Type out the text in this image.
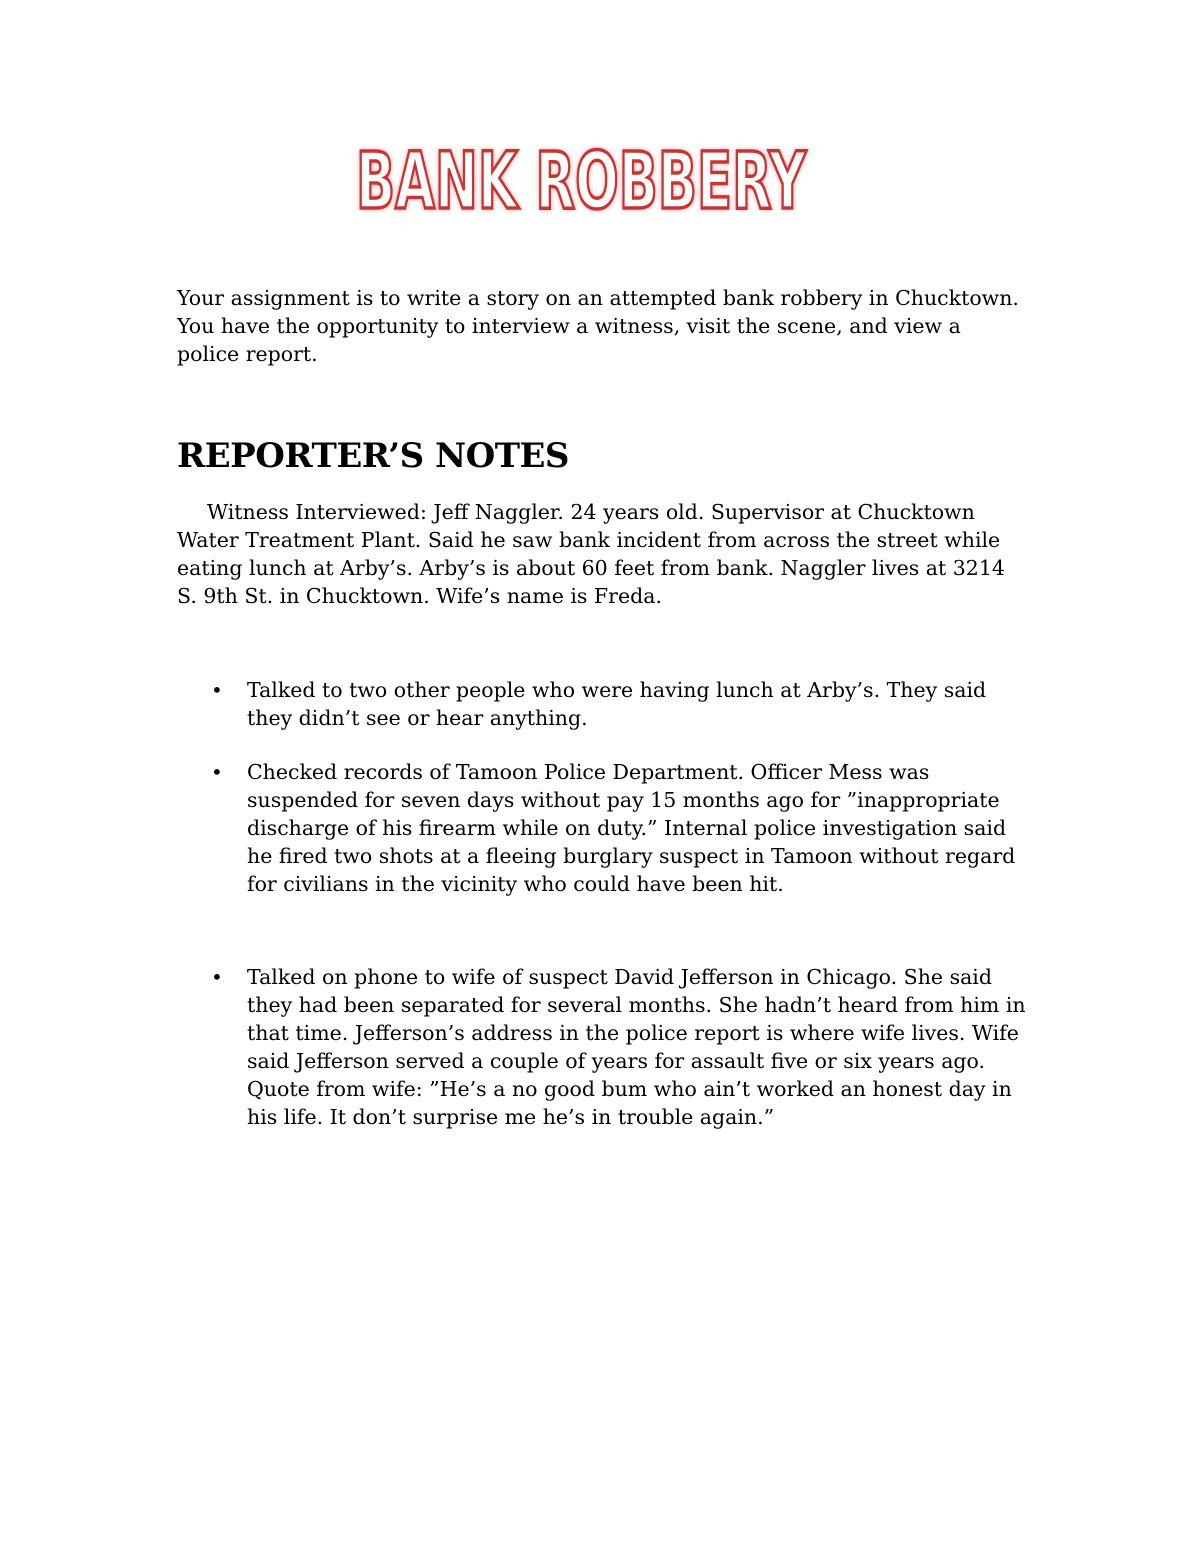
BANK ROBBERY

Your assignment is to write a story on an attempted bank robbery in Chucktown. You have the opportunity to interview a witness, visit the scene, and view a police report.

REPORTER’S NOTES

Witness Interviewed: Jeff Naggler. 24 years old. Supervisor at Chucktown Water Treatment Plant. Said he saw bank incident from across the street while eating lunch at Arby’s. Arby’s is about 60 feet from bank. Naggler lives at 3214 S. 9th St. in Chucktown. Wife’s name is Freda.

• Talked to two other people who were having lunch at Arby’s. They said they didn’t see or hear anything.

• Checked records of Tamoon Police Department. Officer Mess was suspended for seven days without pay 15 months ago for ”inappropriate discharge of his firearm while on duty.” Internal police investigation said he fired two shots at a fleeing burglary suspect in Tamoon without regard for civilians in the vicinity who could have been hit.

• Talked on phone to wife of suspect David Jefferson in Chicago. She said they had been separated for several months. She hadn’t heard from him in that time. Jefferson’s address in the police report is where wife lives. Wife said Jefferson served a couple of years for assault five or six years ago. Quote from wife: ”He’s a no good bum who ain’t worked an honest day in his life. It don’t surprise me he’s in trouble again.”
